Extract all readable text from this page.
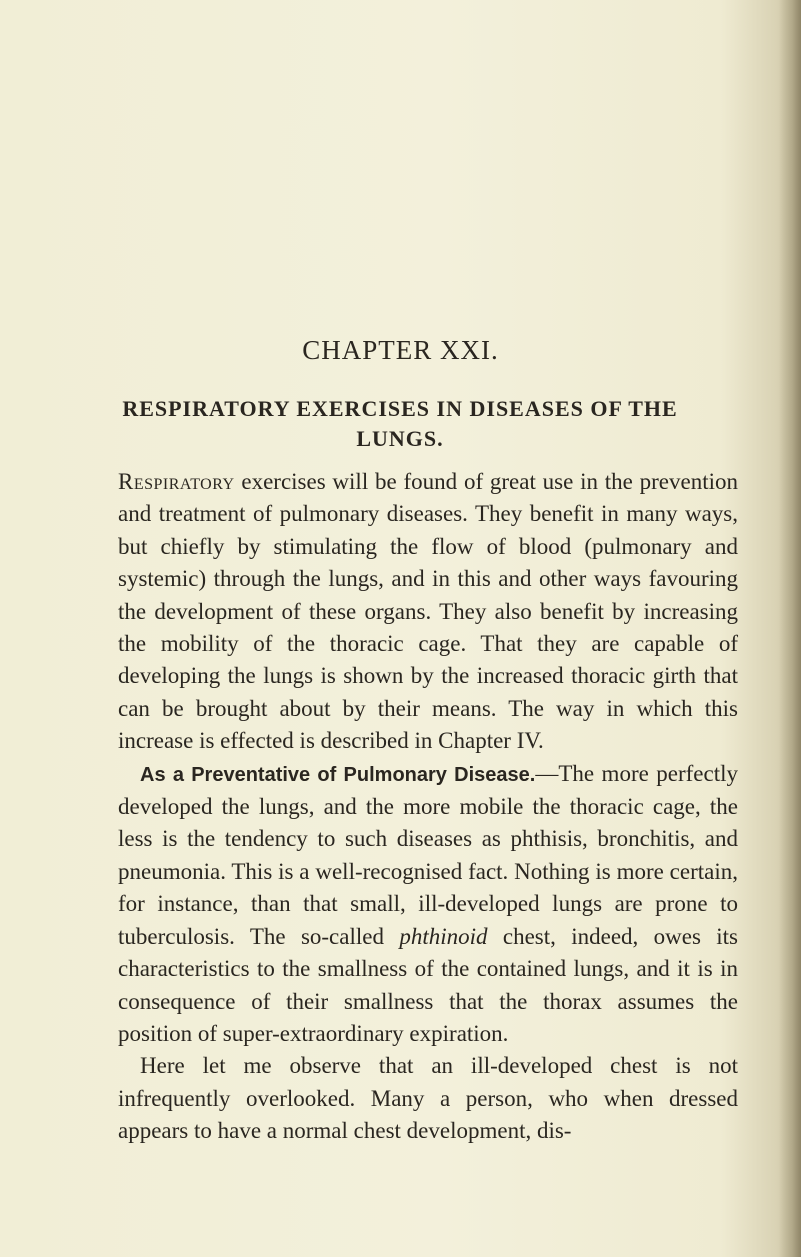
CHAPTER XXI.
RESPIRATORY EXERCISES IN DISEASES OF THE LUNGS.

Respiratory exercises will be found of great use in the prevention and treatment of pulmonary diseases. They benefit in many ways, but chiefly by stimulating the flow of blood (pulmonary and systemic) through the lungs, and in this and other ways favouring the development of these organs. They also benefit by increasing the mobility of the thoracic cage. That they are capable of developing the lungs is shown by the increased thoracic girth that can be brought about by their means. The way in which this increase is effected is described in Chapter IV.

As a Preventative of Pulmonary Disease.—The more perfectly developed the lungs, and the more mobile the thoracic cage, the less is the tendency to such diseases as phthisis, bronchitis, and pneumonia. This is a well-recognised fact. Nothing is more certain, for instance, than that small, ill-developed lungs are prone to tuberculosis. The so-called phthinoid chest, indeed, owes its characteristics to the smallness of the contained lungs, and it is in consequence of their smallness that the thorax assumes the position of super-extraordinary expiration.

Here let me observe that an ill-developed chest is not infrequently overlooked. Many a person, who when dressed appears to have a normal chest development, dis-
